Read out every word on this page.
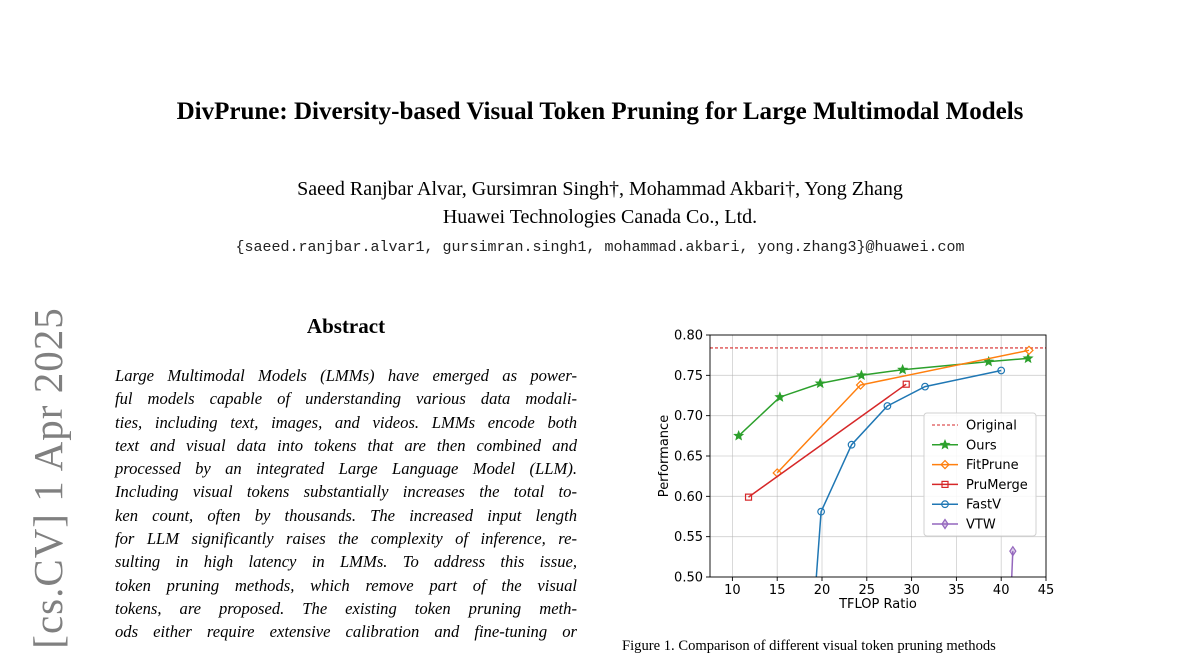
DivPrune: Diversity-based Visual Token Pruning for Large Multimodal Models
Saeed Ranjbar Alvar, Gursimran Singh†, Mohammad Akbari†, Yong Zhang
Huawei Technologies Canada Co., Ltd.
{saeed.ranjbar.alvar1, gursimran.singh1, mohammad.akbari, yong.zhang3}@huawei.com
[cs.CV] 1 Apr 2025	Abstract
Large Multimodal Models (LMMs) have emerged as power-
ful models capable of understanding various data modali-
ties, including text, images, and videos. LMMs encode both
text and visual data into tokens that are then combined and
processed by an integrated Large Language Model (LLM).
Including visual tokens substantially increases the total to-
ken count, often by thousands. The increased input length
for LLM significantly raises the complexity of inference, re-
sulting in high latency in LMMs. To address this issue,
token pruning methods, which remove part of the visual
tokens, are proposed. The existing token pruning meth-
ods either require extensive calibration and fine-tuning or
10 15 20 25 30 35 40 45
0.50
0.55
0.60
0.65
0.70
0.75
0.80
TFLOP Ratio
Performance	Original
Ours
FitPrune
PruMerge
FastV
VTW
Figure 1. Comparison of different visual token pruning methods
